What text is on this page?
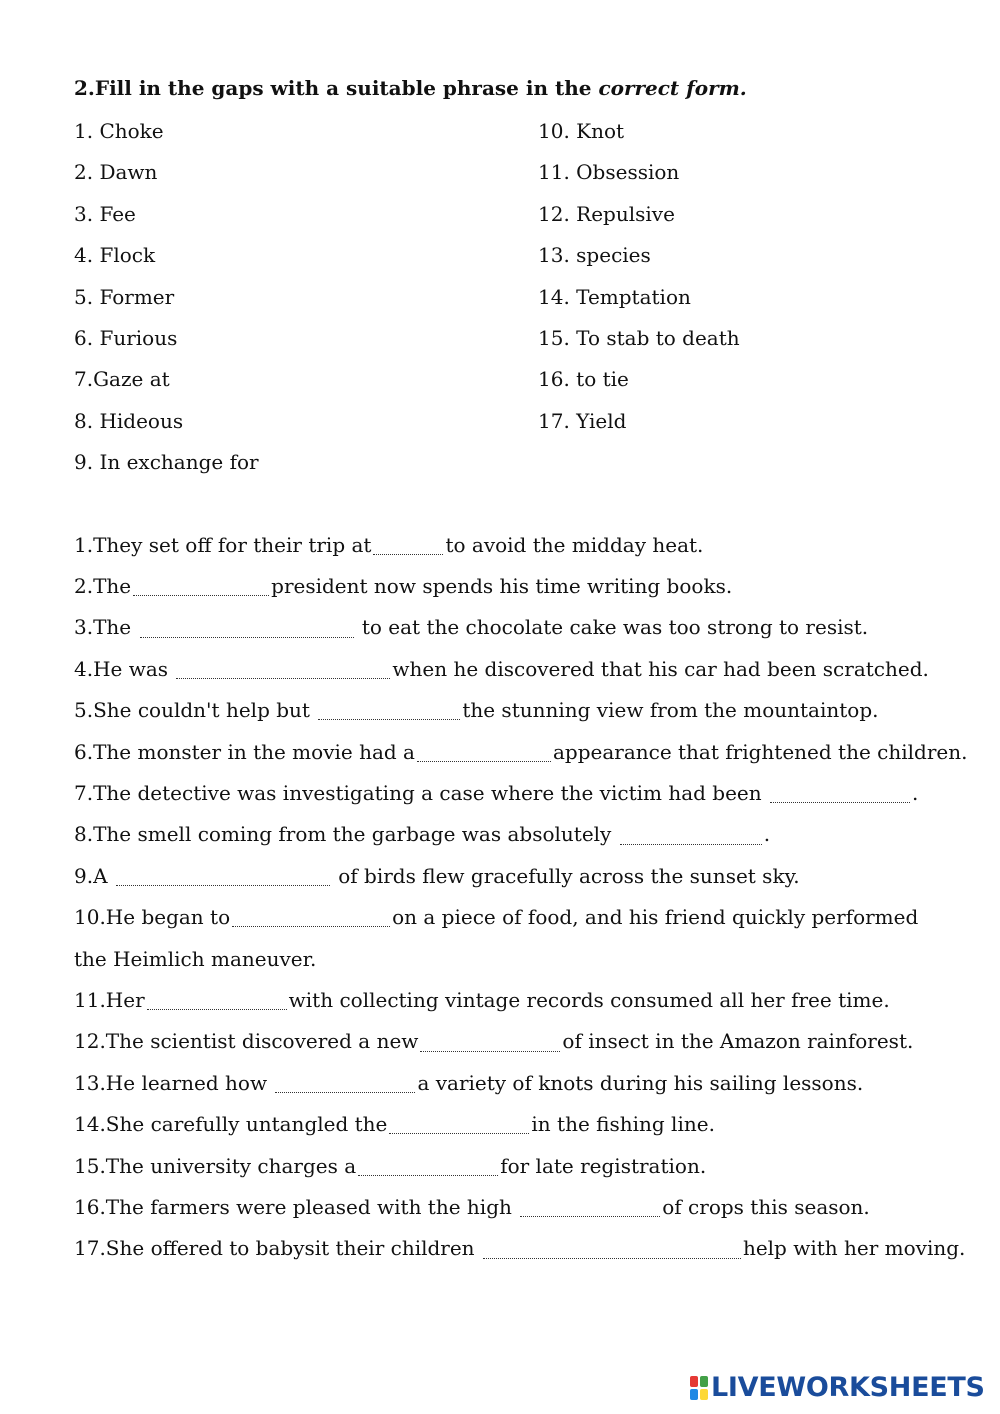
2.Fill in the gaps with a suitable phrase in the correct form.

1. Choke
2. Dawn
3. Fee
4. Flock
5. Former
6. Furious
7.Gaze at
8. Hideous
9. In exchange for
10. Knot
11. Obsession
12. Repulsive
13. species
14. Temptation
15. To stab to death
16. to tie
17. Yield
1.They set off for their trip at	to avoid the midday heat.
2.The	president now spends his time writing books.
3.The	to eat the chocolate cake was too strong to resist.
4.He was	when he discovered that his car had been scratched.
5.She couldn't help but	the stunning view from the mountaintop.
6.The monster in the movie had a	appearance that frightened the children.
7.The detective was investigating a case where the victim had been	.
8.The smell coming from the garbage was absolutely	.
9.A	of birds flew gracefully across the sunset sky.
10.He began to	on a piece of food, and his friend quickly performed the Heimlich maneuver.
11.Her	with collecting vintage records consumed all her free time.
12.The scientist discovered a new	of insect in the Amazon rainforest.
13.He learned how	a variety of knots during his sailing lessons.
14.She carefully untangled the	in the fishing line.
15.The university charges a	for late registration.
16.The farmers were pleased with the high	of crops this season.
17.She offered to babysit their children	help with her moving.
LIVEWORKSHEETS
